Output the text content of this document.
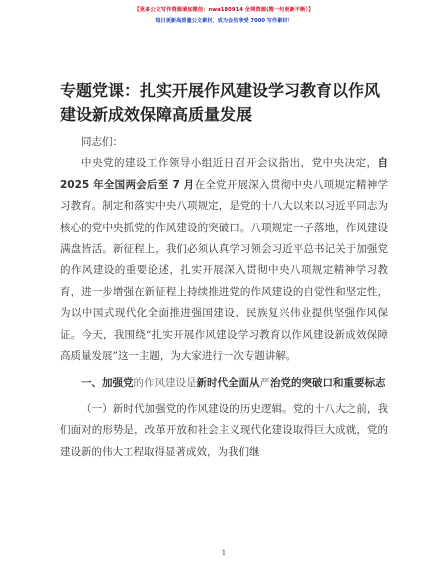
【更多公文写作资源请加微信：nwa180914 全网资源(搜一句更新不断）】
每日更新高质量公文素材，成为会员享受 7000 写作素材！
专题党课：扎实开展作风建设学习教育以作风建设新成效保障高质量发展

同志们：

中央党的建设工作领导小组近日召开会议指出，党中央决定，自 2025 年全国两会后至 7 月在全党开展深入贯彻中央八项规定精神学习教育。制定和落实中央八项规定，是党的十八大以来以习近平同志为核心的党中央抓党的作风建设的突破口。八项规定一子落地，作风建设满盘皆活。新征程上，我们必须认真学习领会习近平总书记关于加强党的作风建设的重要论述，扎实开展深入贯彻中央八项规定精神学习教育，进一步增强在新征程上持续推进党的作风建设的自觉性和坚定性，为以中国式现代化全面推进强国建设、民族复兴伟业提供坚强作风保证。今天，我围绕“扎实开展作风建设学习教育以作风建设新成效保障高质量发展”这一主题，为大家进行一次专题讲解。

一、加强党的作风建设是新时代全面从严治党的突破口和重要标志

（一）新时代加强党的作风建设的历史逻辑。党的十八大之前，我们面对的形势是，改革开放和社会主义现代化建设取得巨大成就，党的建设新的伟大工程取得显著成效，为我们继

1
